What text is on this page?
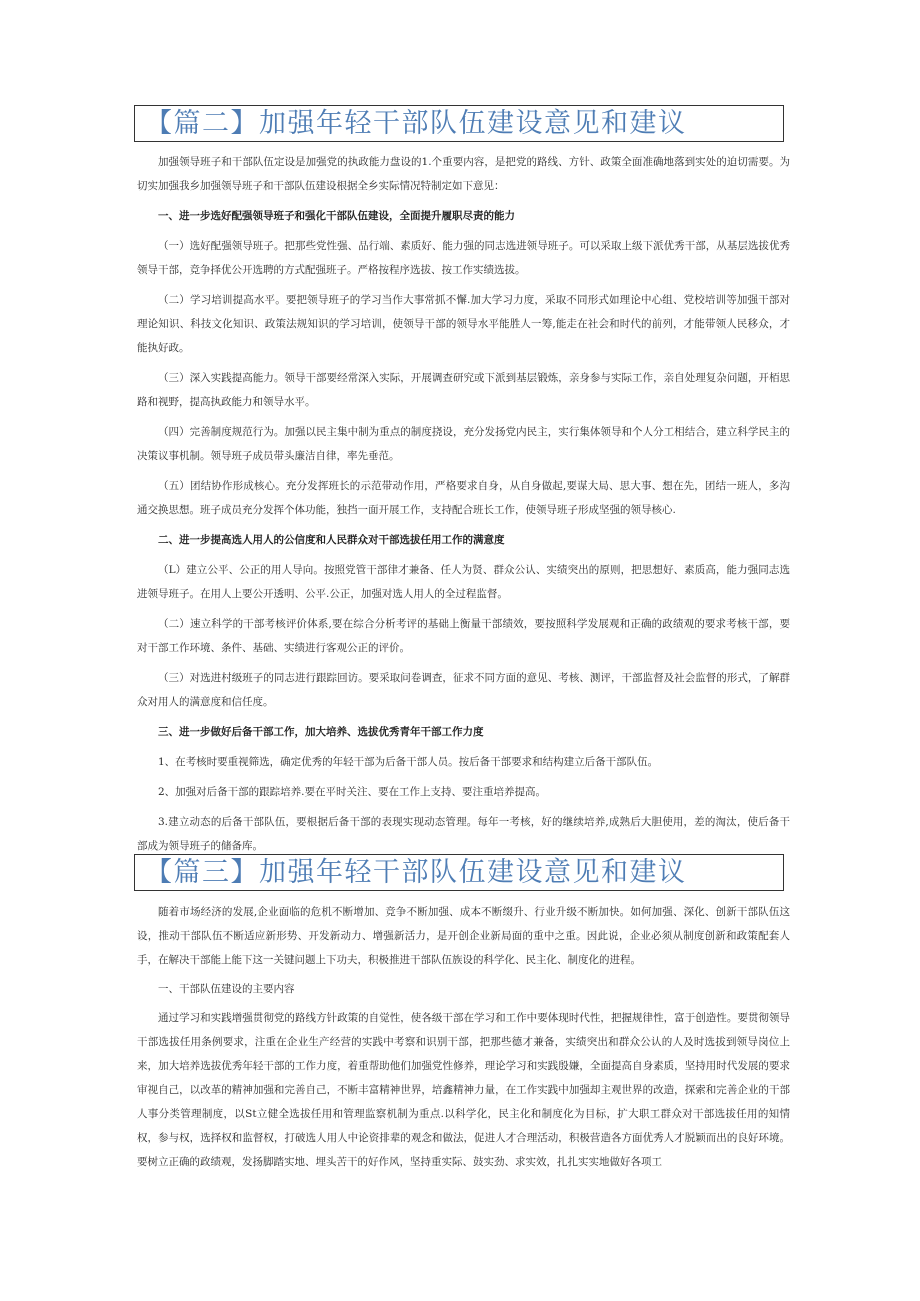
【篇二】加强年轻干部队伍建设意见和建议

加强领导班子和干部队伍定设是加强党的执政能力盘设的1.个重要内容，是把党的路线、方针、政策全面准确地落到实处的迫切需要。为切实加强我乡加强领导班子和干部队伍建设根据全乡实际情况特制定如下意见：

一、进一步选好配强领导班子和强化干部队伍建设，全面提升履职尽责的能力

（一）选好配强领导班子。把那些党性强、品行端、素质好、能力强的同志选进领导班子。可以采取上级下派优秀干部，从基层选拔优秀领导干部，竞争择优公开选聘的方式配强班子。严格按程序选拔、按工作实绩选拔。

（二）学习培训提高水平。要把领导班子的学习当作大事常抓不懈.加大学习力度，采取不同形式如理论中心组、党校培训等加强干部对理论知识、科技文化知识、政策法规知识的学习培训，使领导干部的领导水平能胜人一筹,能走在社会和时代的前列，才能带领人民移众，才能执好政。

（三）深入实践提高能力。领导干部要经常深入实际，开展调查研究或下派到基层锻炼，亲身参与实际工作，亲自处理复杂问题，开栢思路和视野，提高执政能力和领导水平。

（四）完善制度规范行为。加强以民主集中制为重点的制度挠设，充分发扬党内民主，实行集体领导和个人分工相结合，建立科学民主的决策议事机制。领导班子成员带头廉洁自律，率先垂范。

（五）团结协作形成核心。充分发挥班长的示范带动作用，严格要求自身，从自身做起,要谋大局、思大事、想在先，团结一班人，多沟通交换思想。班子成员充分发挥个体功能，独挡一面开展工作，支持配合班长工作，使领导班子形成坚强的领导核心.

二、进一步提高选人用人的公信度和人民群众对干部选拔任用工作的满意度

（L）建立公平、公正的用人导向。按照党管干部律才兼备、任人为贤、群众公认、实绩突出的原则，把思想好、素质高，能力强同志选进领导班子。在用人上要公开透明、公平.公正，加强对选人用人的全过程监督。

（二）速立科学的干部考核评价体系,要在综合分析考评的基础上衡量干部绩效，要按照科学发展观和正确的政绩观的要求考核干部，要对干部工作环境、条件、基础、实绩进行客观公正的评价。

（三）对选进村级班子的同志进行跟踪回访。要采取问卷调查，征求不同方面的意见、考核、测评，干部监督及社会监督的形式，了解群众对用人的满意度和信任度。

三、进一步做好后备干部工作，加大培养、选拔优秀青年干部工作力度

1、在考核时要重视筛选，确定优秀的年轻干部为后备干部人员。按后备干部要求和结构建立后备干部队伍。

2、加强对后备干部的跟踪培养.要在平时关注、要在工作上支持、要注重培养提高。

3.建立动态的后备干部队伍，要根据后备干部的表现实现动态管理。每年一考核，好的继续培养,成熟后大胆使用，差的淘汰，使后备干部成为领导班子的储备库。

【篇三】加强年轻干部队伍建设意见和建议

随着市场经济的发展,企业面临的危机不断增加、竞争不断加强、成本不断缀升、行业升级不断加快。如何加强、深化、创新干部队伍这设，推动干部队伍不断适应新形势、开发新动力、增强新活力，是开创企业新局面的重中之重。因此说，企业必须从制度创新和政策配套人手，在解决干部能上能下这一关键问题上下功夫，积极推进干部队伍族设的科学化、民主化、制度化的进程。

一、干部队伍建设的主要内容

通过学习和实践增强贯彻党的路线方针政策的自觉性，使各级干部在学习和工作中要体现时代性，把握规律性，富于创造性。要贯彻领导干部选拔任用条例要求，注重在企业生产经营的实践中考察和识别干部，把那些德才兼备，实绩突出和群众公认的人及时选拔到领导岗位上来，加大培养选拔优秀年轻干部的工作力度，着重帮助他们加强党性修养，理论学习和实践殷嫌，全面提高自身素质，坚持用时代发展的要求审视自己，以改革的精神加强和完善自己，不断丰富精神世界，培鑫精神力量，在工作实践中加强却主观世界的改造，探索和完善企业的干部人事分类管理制度，以St立健全选拔任用和管理监察机制为重点.以科学化，民主化和制度化为目标，扩大职工群众对干部选拔任用的知情权，参与权，选择权和监督权，打破选人用人中论资排辈的观念和做法，促进人才合理活动，积极营造各方面优秀人才脱颖而出的良好环境。要树立正确的政绩观，发扬脚踏实地、埋头苦干的好作风，坚持重实际、鼓实劲、求实效，扎扎实实地做好各项工
